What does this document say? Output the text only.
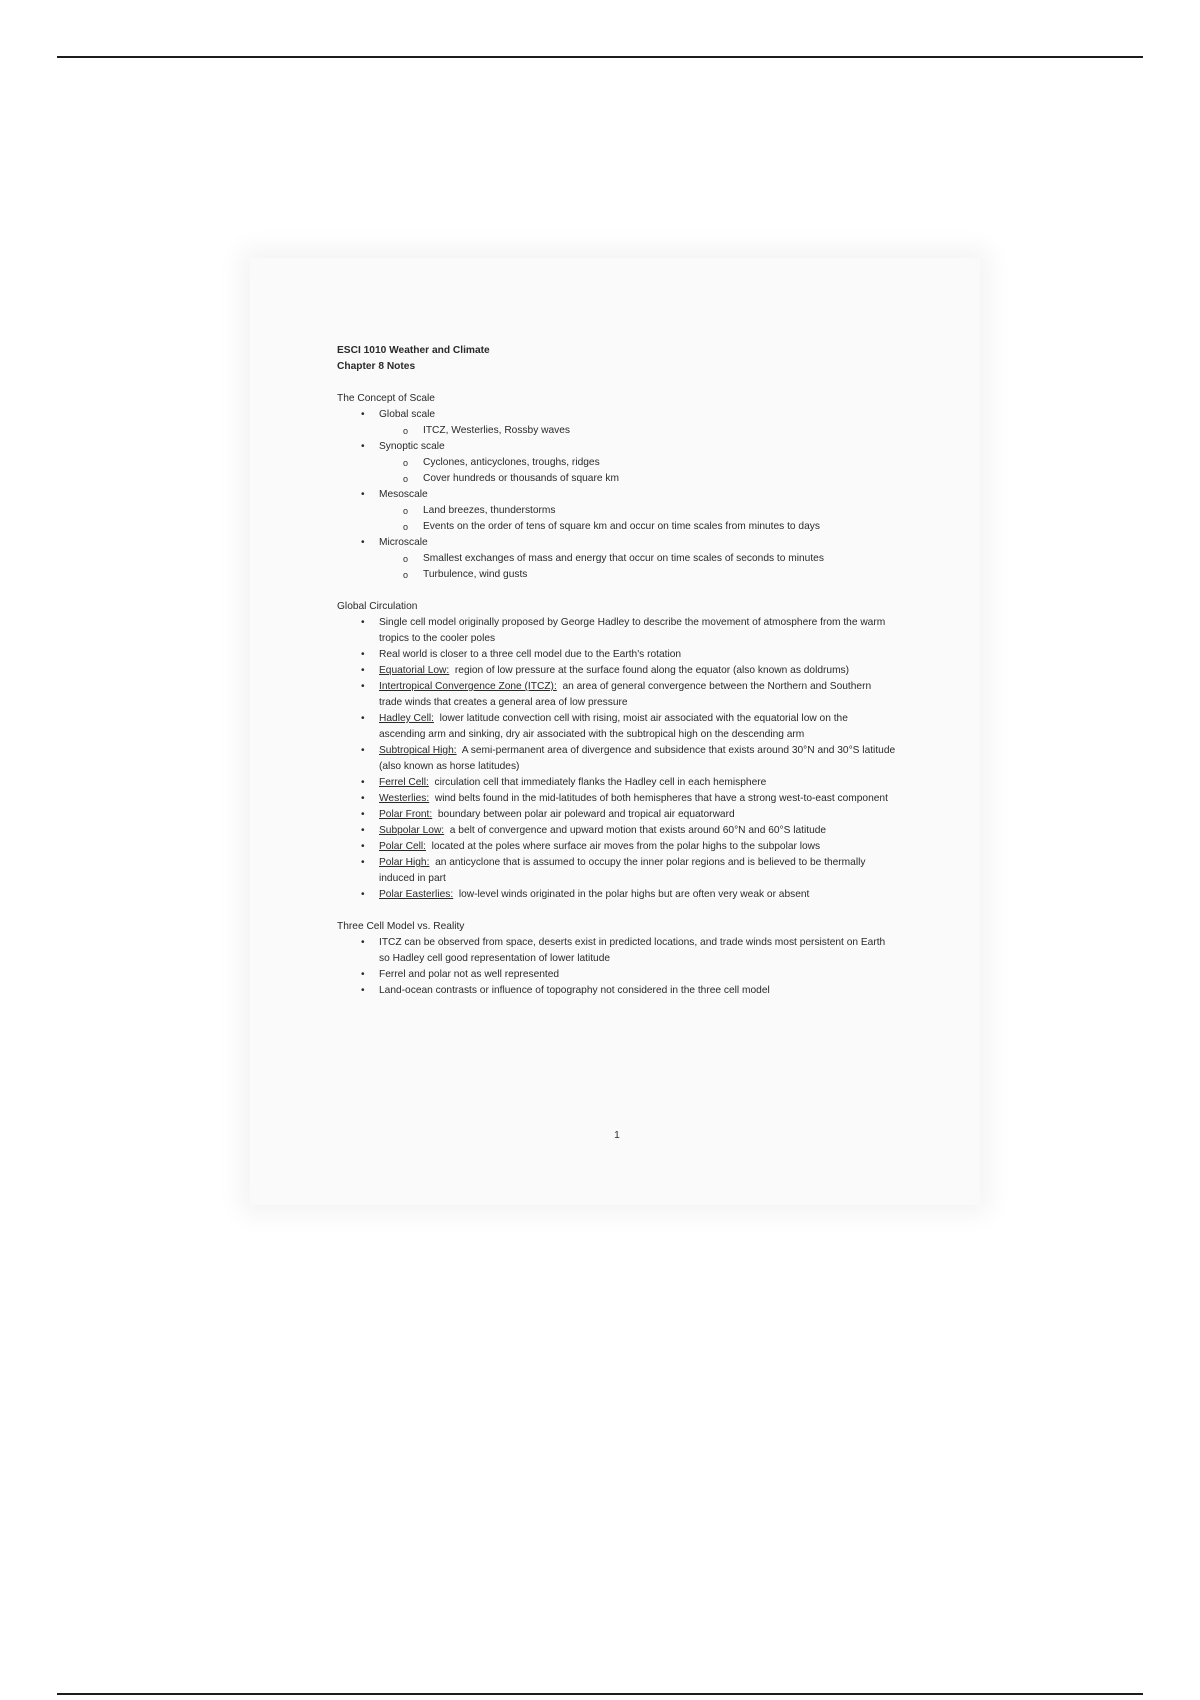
ESCI 1010 Weather and Climate

Chapter 8 Notes

The Concept of Scale

• Global scale
o ITCZ, Westerlies, Rossby waves
• Synoptic scale
o Cyclones, anticyclones, troughs, ridges
o Cover hundreds or thousands of square km
• Mesoscale
o Land breezes, thunderstorms
o Events on the order of tens of square km and occur on time scales from minutes to days
• Microscale
o Smallest exchanges of mass and energy that occur on time scales of seconds to minutes
o Turbulence, wind gusts

Global Circulation

• Single cell model originally proposed by George Hadley to describe the movement of atmosphere from the warm tropics to the cooler poles
• Real world is closer to a three cell model due to the Earth's rotation
• Equatorial Low:  region of low pressure at the surface found along the equator (also known as doldrums)
• Intertropical Convergence Zone (ITCZ):  an area of general convergence between the Northern and Southern trade winds that creates a general area of low pressure
• Hadley Cell:  lower latitude convection cell with rising, moist air associated with the equatorial low on the ascending arm and sinking, dry air associated with the subtropical high on the descending arm
• Subtropical High:  A semi-permanent area of divergence and subsidence that exists around 30°N and 30°S latitude (also known as horse latitudes)
• Ferrel Cell:  circulation cell that immediately flanks the Hadley cell in each hemisphere
• Westerlies:  wind belts found in the mid-latitudes of both hemispheres that have a strong west-to-east component
• Polar Front:  boundary between polar air poleward and tropical air equatorward
• Subpolar Low:  a belt of convergence and upward motion that exists around 60°N and 60°S latitude
• Polar Cell:  located at the poles where surface air moves from the polar highs to the subpolar lows
• Polar High:  an anticyclone that is assumed to occupy the inner polar regions and is believed to be thermally induced in part
• Polar Easterlies:  low-level winds originated in the polar highs but are often very weak or absent

Three Cell Model vs. Reality

• ITCZ can be observed from space, deserts exist in predicted locations, and trade winds most persistent on Earth so Hadley cell good representation of lower latitude
• Ferrel and polar not as well represented
• Land-ocean contrasts or influence of topography not considered in the three cell model
1
